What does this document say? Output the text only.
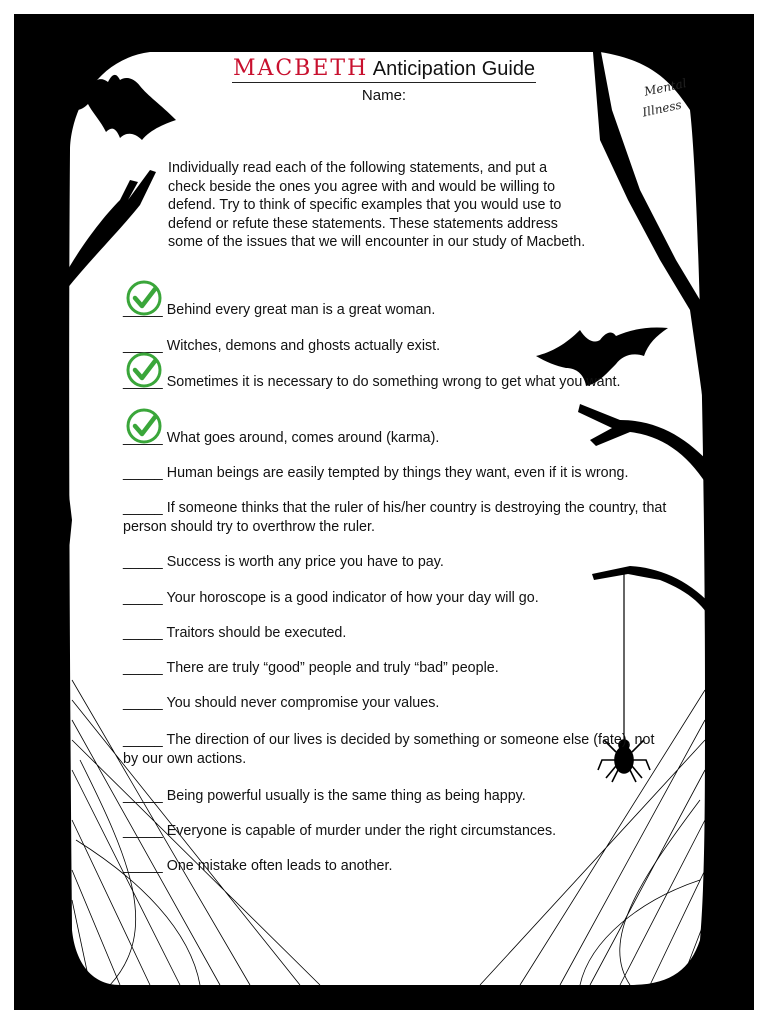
Mental
Illness
MACBETH Anticipation Guide
Name:
Individually read each of the following statements, and put a check beside the ones you agree with and would be willing to defend. Try to think of specific examples that you would use to defend or refute these statements. These statements address some of the issues that we will encounter in our study of Macbeth.
_____ Behind every great man is a great woman.
_____ Witches, demons and ghosts actually exist.
_____ Sometimes it is necessary to do something wrong to get what you want.
_____ What goes around, comes around (karma).
_____ Human beings are easily tempted by things they want, even if it is wrong.
_____ If someone thinks that the ruler of his/her country is destroying the country, that person should try to overthrow the ruler.
_____ Success is worth any price you have to pay.
_____ Your horoscope is a good indicator of how your day will go.
_____ Traitors should be executed.
_____ There are truly “good” people and truly “bad” people.
_____ You should never compromise your values.
_____ The direction of our lives is decided by something or someone else (fate), not by our own actions.
_____ Being powerful usually is the same thing as being happy.
_____ Everyone is capable of murder under the right circumstances.
_____ One mistake often leads to another.
